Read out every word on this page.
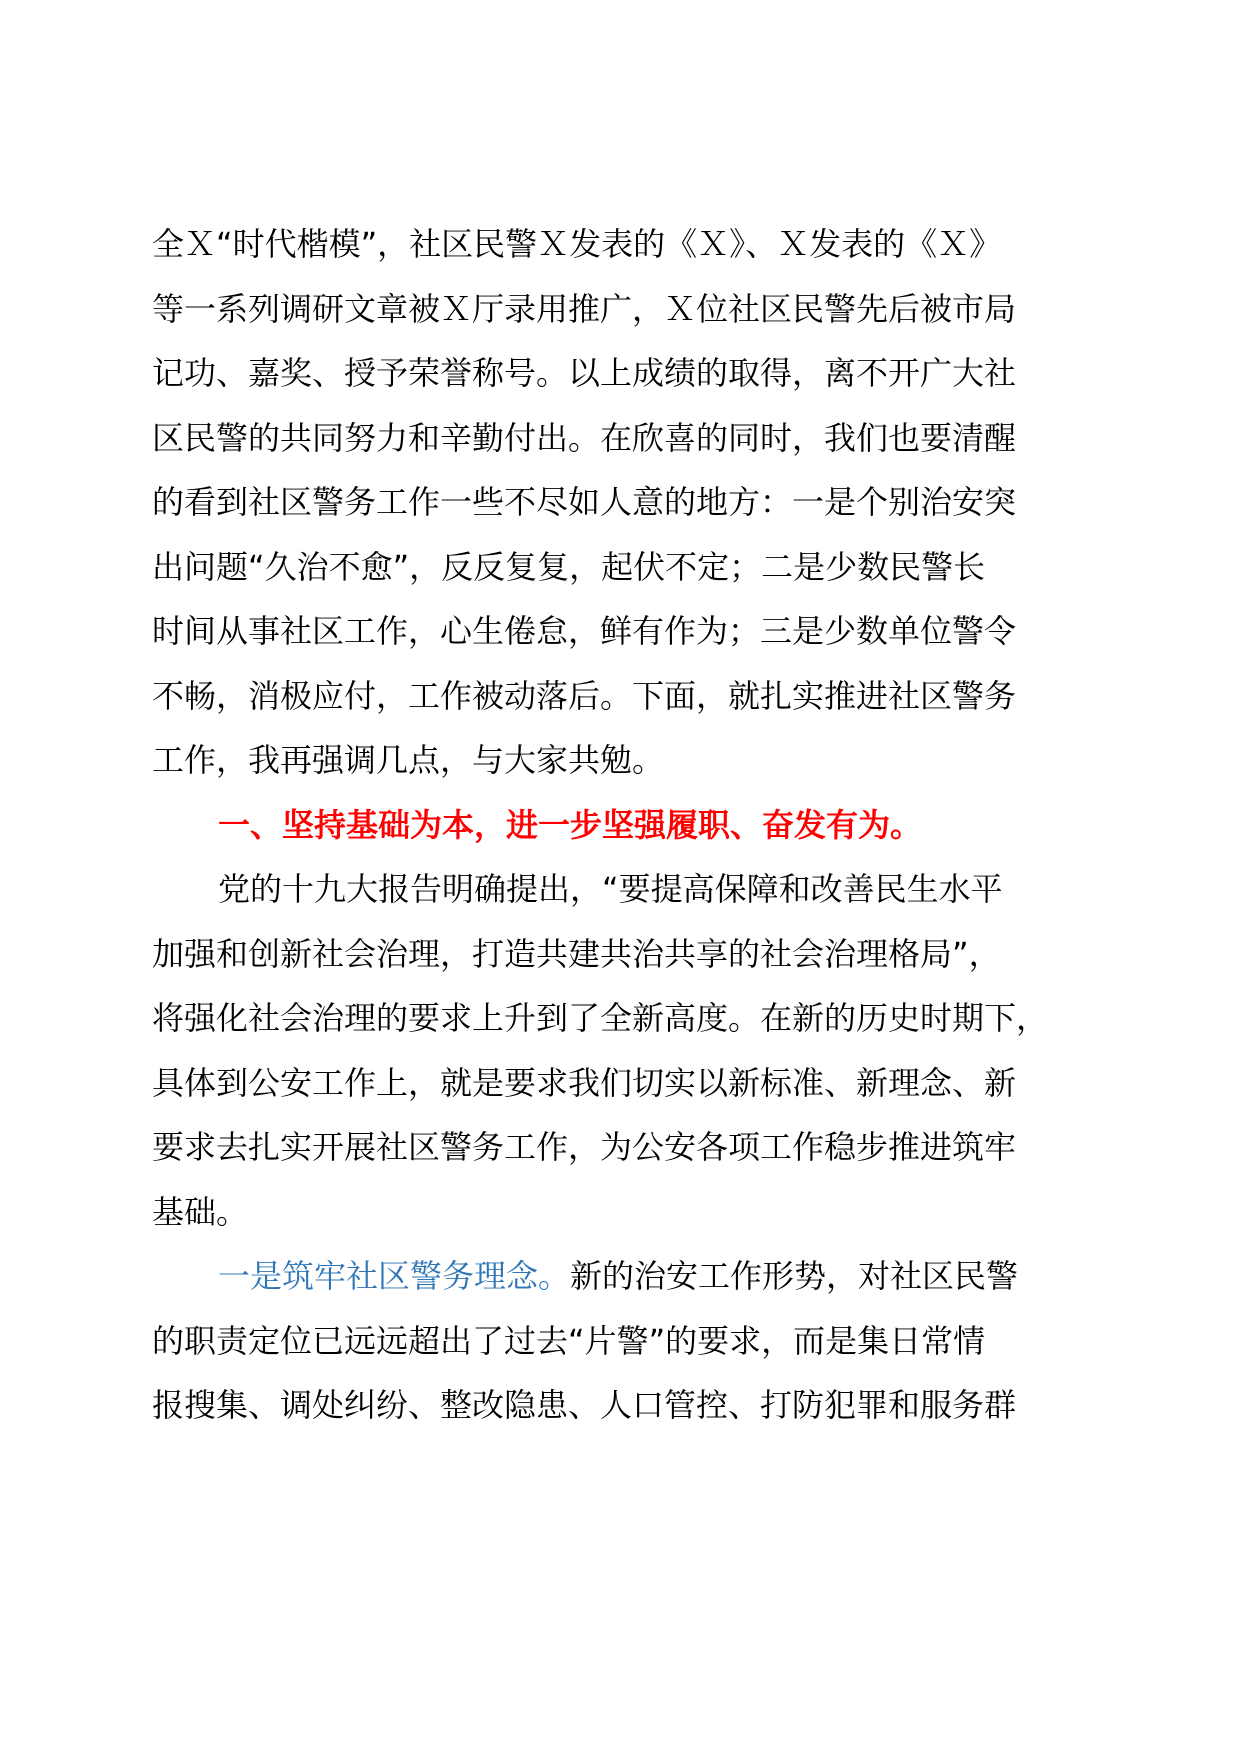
全Ｘ“时代楷模”，社区民警Ｘ发表的《Ｘ》、Ｘ发表的《Ｘ》
等一系列调研文章被Ｘ厅录用推广，Ｘ位社区民警先后被市局
记功、嘉奖、授予荣誉称号。以上成绩的取得，离不开广大社
区民警的共同努力和辛勤付出。在欣喜的同时，我们也要清醒
的看到社区警务工作一些不尽如人意的地方：一是个别治安突
出问题“久治不愈”，反反复复，起伏不定；二是少数民警长
时间从事社区工作，心生倦怠，鲜有作为；三是少数单位警令
不畅，消极应付，工作被动落后。下面，就扎实推进社区警务
工作，我再强调几点，与大家共勉。
一、坚持基础为本，进一步坚强履职、奋发有为。
党的十九大报告明确提出，“要提高保障和改善民生水平
加强和创新社会治理，打造共建共治共享的社会治理格局”，
将强化社会治理的要求上升到了全新高度。在新的历史时期下，
具体到公安工作上，就是要求我们切实以新标准、新理念、新
要求去扎实开展社区警务工作，为公安各项工作稳步推进筑牢
基础。
一是筑牢社区警务理念。新的治安工作形势，对社区民警
的职责定位已远远超出了过去“片警”的要求，而是集日常情
报搜集、调处纠纷、整改隐患、人口管控、打防犯罪和服务群
